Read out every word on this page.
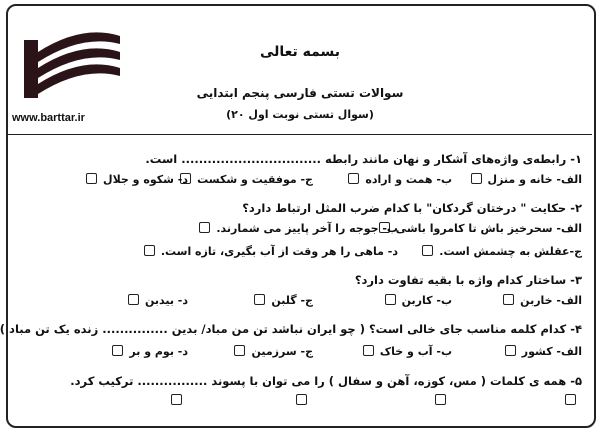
www.barttar.ir
بسمه تعالی
سوالات تستی فارسی پنجم ابتدایی
(۲۰ سوال تستی نوبت اول)
۱- رابطه‌ی واژه‌های آشکار و نهان مانند رابطه ................................ است.
الف- خانه و منزل
ب- همت و اراده
ج- موفقیت و شکست
د- شکوه و جلال
۲- حکایت " درختان گردکان" با کدام ضرب المثل ارتباط دارد؟
الف- سحرخیز باش تا کامروا باشی
ب- جوجه را آخر پاییز می شمارند.
ج-عقلش به چشمش است.
د- ماهی را هر وقت از آب بگیری، تازه است.
۳- ساختار کدام واژه با بقیه تفاوت دارد؟
الف- خاربن
ب- کاربن
ج- گلبن
د- بیدبن
۴- کدام کلمه مناسب جای خالی است؟ ( چو ایران نباشد تن من مباد/ بدین ............... زنده یک تن مباد )
الف- کشور
ب- آب و خاک
ج- سرزمین
د- بوم و بر
۵- همه ی کلمات ( مس، کوزه، آهن و سفال ) را می توان با پسوند ................ ترکیب کرد.
